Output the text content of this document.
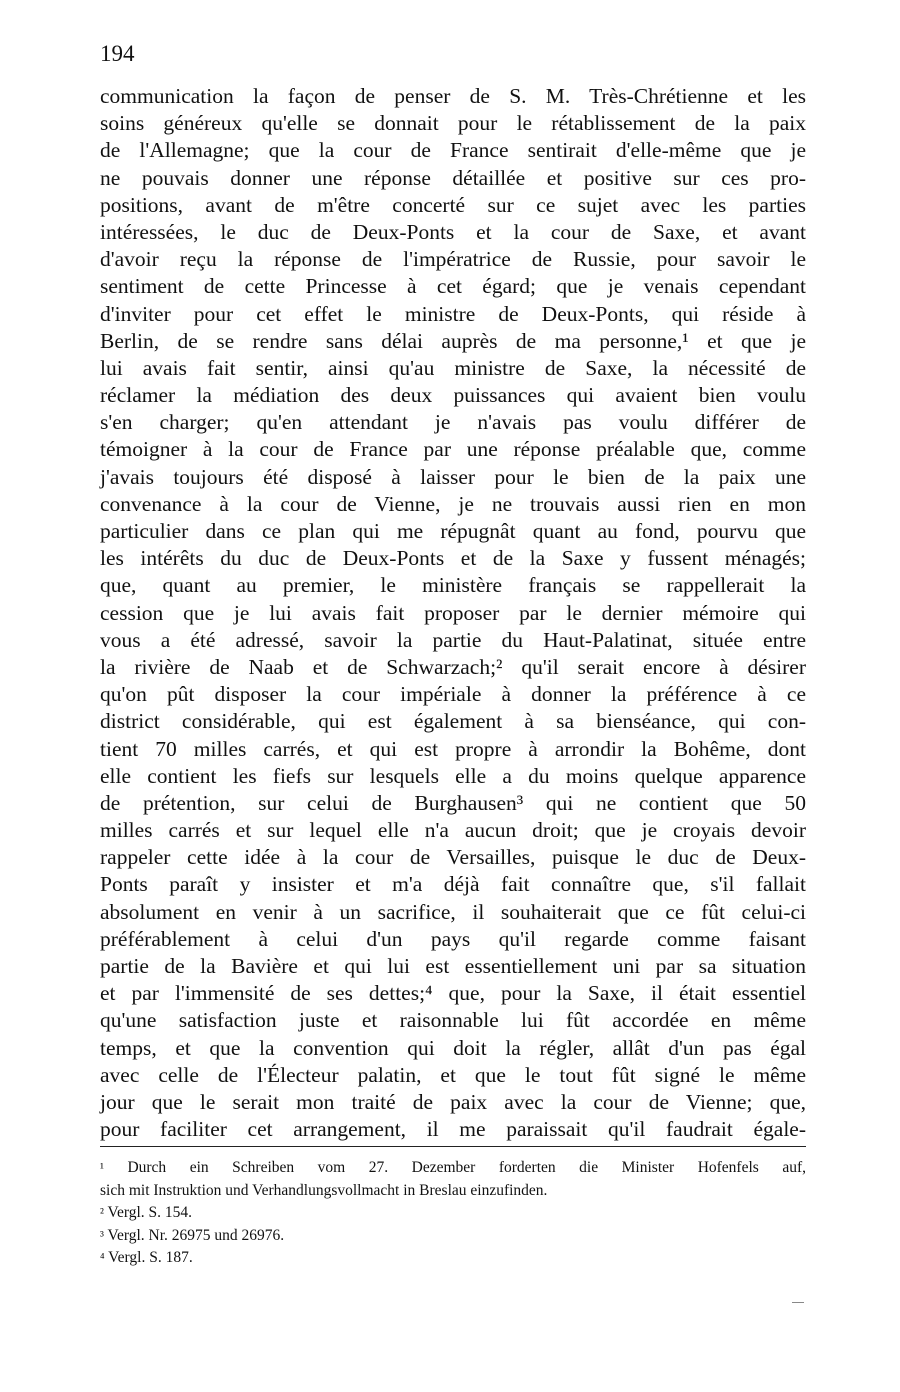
194
communication la façon de penser de S. M. Très-Chrétienne et les
soins généreux qu'elle se donnait pour le rétablissement de la paix
de l'Allemagne; que la cour de France sentirait d'elle-même que je
ne pouvais donner une réponse détaillée et positive sur ces pro-
positions, avant de m'être concerté sur ce sujet avec les parties
intéressées, le duc de Deux-Ponts et la cour de Saxe, et avant
d'avoir reçu la réponse de l'impératrice de Russie, pour savoir le
sentiment de cette Princesse à cet égard; que je venais cependant
d'inviter pour cet effet le ministre de Deux-Ponts, qui réside à
Berlin, de se rendre sans délai auprès de ma personne,¹ et que je
lui avais fait sentir, ainsi qu'au ministre de Saxe, la nécessité de
réclamer la médiation des deux puissances qui avaient bien voulu
s'en charger; qu'en attendant je n'avais pas voulu différer de
témoigner à la cour de France par une réponse préalable que, comme
j'avais toujours été disposé à laisser pour le bien de la paix une
convenance à la cour de Vienne, je ne trouvais aussi rien en mon
particulier dans ce plan qui me répugnât quant au fond, pourvu que
les intérêts du duc de Deux-Ponts et de la Saxe y fussent ménagés;
que, quant au premier, le ministère français se rappellerait la
cession que je lui avais fait proposer par le dernier mémoire qui
vous a été adressé, savoir la partie du Haut-Palatinat, située entre
la rivière de Naab et de Schwarzach;² qu'il serait encore à désirer
qu'on pût disposer la cour impériale à donner la préférence à ce
district considérable, qui est également à sa bienséance, qui con-
tient 70 milles carrés, et qui est propre à arrondir la Bohême, dont
elle contient les fiefs sur lesquels elle a du moins quelque apparence
de prétention, sur celui de Burghausen³ qui ne contient que 50
milles carrés et sur lequel elle n'a aucun droit; que je croyais devoir
rappeler cette idée à la cour de Versailles, puisque le duc de Deux-
Ponts paraît y insister et m'a déjà fait connaître que, s'il fallait
absolument en venir à un sacrifice, il souhaiterait que ce fût celui-ci
préférablement à celui d'un pays qu'il regarde comme faisant
partie de la Bavière et qui lui est essentiellement uni par sa situation
et par l'immensité de ses dettes;⁴ que, pour la Saxe, il était essentiel
qu'une satisfaction juste et raisonnable lui fût accordée en même
temps, et que la convention qui doit la régler, allât d'un pas égal
avec celle de l'Électeur palatin, et que le tout fût signé le même
jour que le serait mon traité de paix avec la cour de Vienne; que,
pour faciliter cet arrangement, il me paraissait qu'il faudrait égale-
¹ Durch ein Schreiben vom 27. Dezember forderten die Minister Hofenfels auf,
sich mit Instruktion und Verhandlungsvollmacht in Breslau einzufinden.
² Vergl. S. 154.
³ Vergl. Nr. 26975 und 26976.
⁴ Vergl. S. 187.
